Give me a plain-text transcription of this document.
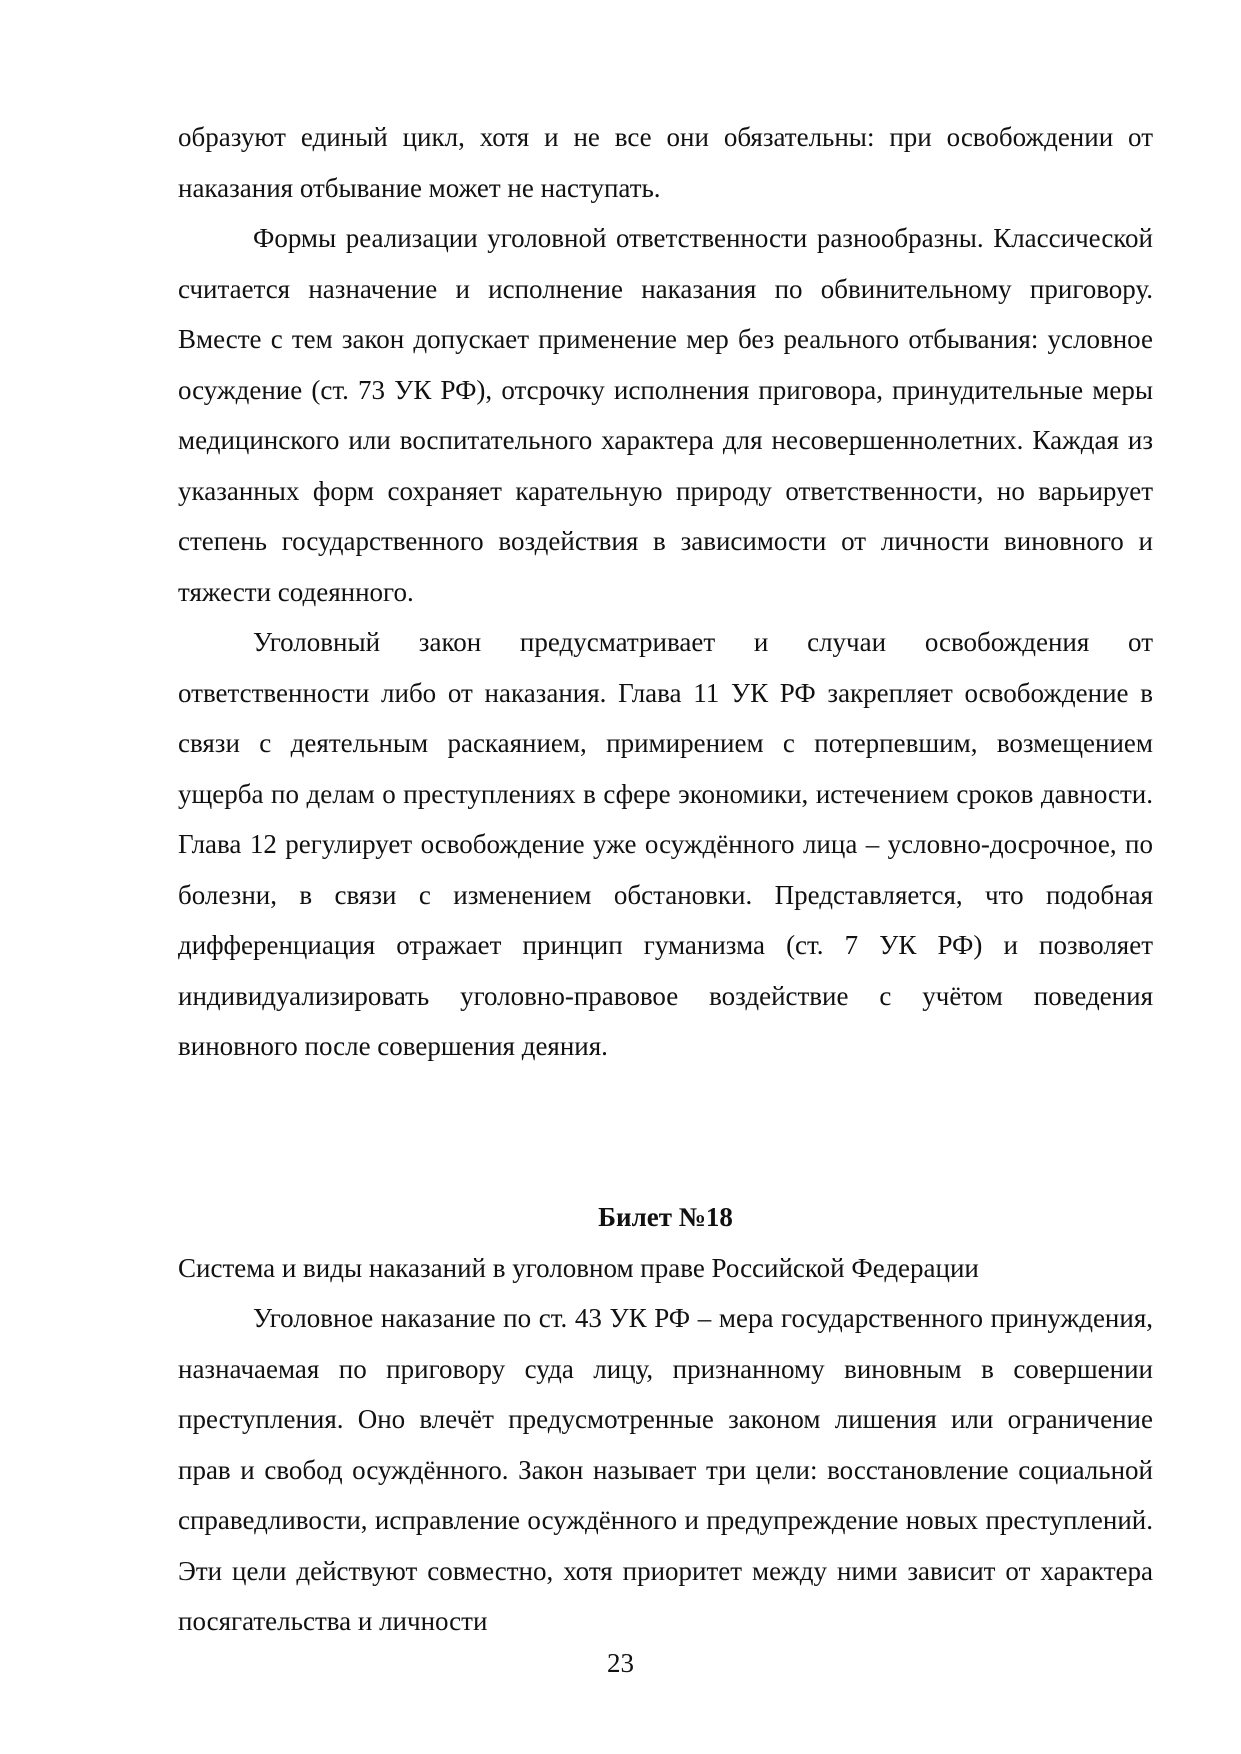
образуют единый цикл, хотя и не все они обязательны: при освобождении от наказания отбывание может не наступать.

Формы реализации уголовной ответственности разнообразны. Классической считается назначение и исполнение наказания по обвинительному приговору. Вместе с тем закон допускает применение мер без реального отбывания: условное осуждение (ст. 73 УК РФ), отсрочку исполнения приговора, принудительные меры медицинского или воспитательного характера для несовершеннолетних. Каждая из указанных форм сохраняет карательную природу ответственности, но варьирует степень государственного воздействия в зависимости от личности виновного и тяжести содеянного.

Уголовный закон предусматривает и случаи освобождения от ответственности либо от наказания. Глава 11 УК РФ закрепляет освобождение в связи с деятельным раскаянием, примирением с потерпевшим, возмещением ущерба по делам о преступлениях в сфере экономики, истечением сроков давности. Глава 12 регулирует освобождение уже осуждённого лица – условно-досрочное, по болезни, в связи с изменением обстановки. Представляется, что подобная дифференциация отражает принцип гуманизма (ст. 7 УК РФ) и позволяет индивидуализировать уголовно-правовое воздействие с учётом поведения виновного после совершения деяния.

Билет №18

Система и виды наказаний в уголовном праве Российской Федерации

Уголовное наказание по ст. 43 УК РФ – мера государственного принуждения, назначаемая по приговору суда лицу, признанному виновным в совершении преступления. Оно влечёт предусмотренные законом лишения или ограничение прав и свобод осуждённого. Закон называет три цели: восстановление социальной справедливости, исправление осуждённого и предупреждение новых преступлений. Эти цели действуют совместно, хотя приоритет между ними зависит от характера посягательства и личности

23
